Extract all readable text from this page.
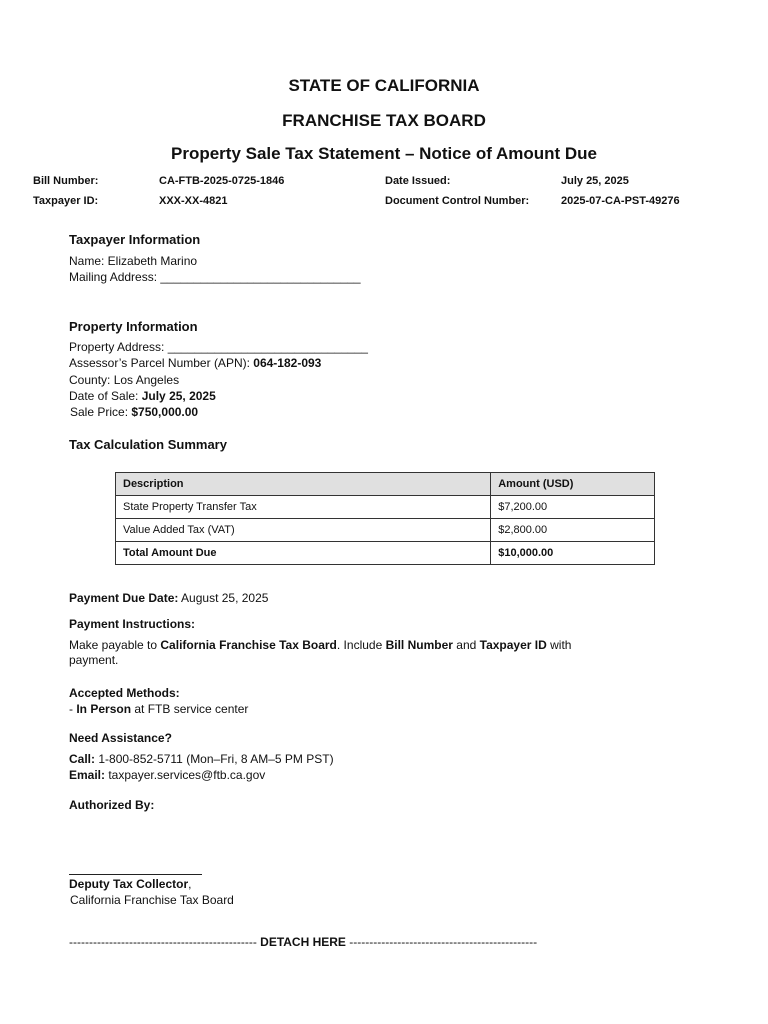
STATE OF CALIFORNIA
FRANCHISE TAX BOARD
Property Sale Tax Statement – Notice of Amount Due
Bill Number:	CA-FTB-2025-0725-1846	Date Issued:	July 25, 2025
Taxpayer ID:	XXX-XX-4821	Document Control Number:	2025-07-CA-PST-49276
Taxpayer Information
Name: Elizabeth Marino
Mailing Address: ______________________________
Property Information
Property Address: ______________________________
Assessor’s Parcel Number (APN): 064-182-093
County: Los Angeles
Date of Sale: July 25, 2025
Sale Price: $750,000.00
Tax Calculation Summary
Description	Amount (USD)
State Property Transfer Tax	$7,200.00
Value Added Tax (VAT)	$2,800.00
Total Amount Due	$10,000.00
Payment Due Date: August 25, 2025
Payment Instructions:
Make payable to California Franchise Tax Board. Include Bill Number and Taxpayer ID with
payment.
Accepted Methods:
- In Person at FTB service center
Need Assistance?
Call: 1-800-852-5711 (Mon–Fri, 8 AM–5 PM PST)
Email: taxpayer.services@ftb.ca.gov
Authorized By:
Deputy Tax Collector,
California Franchise Tax Board
----------------------------------------------- DETACH HERE -----------------------------------------------
